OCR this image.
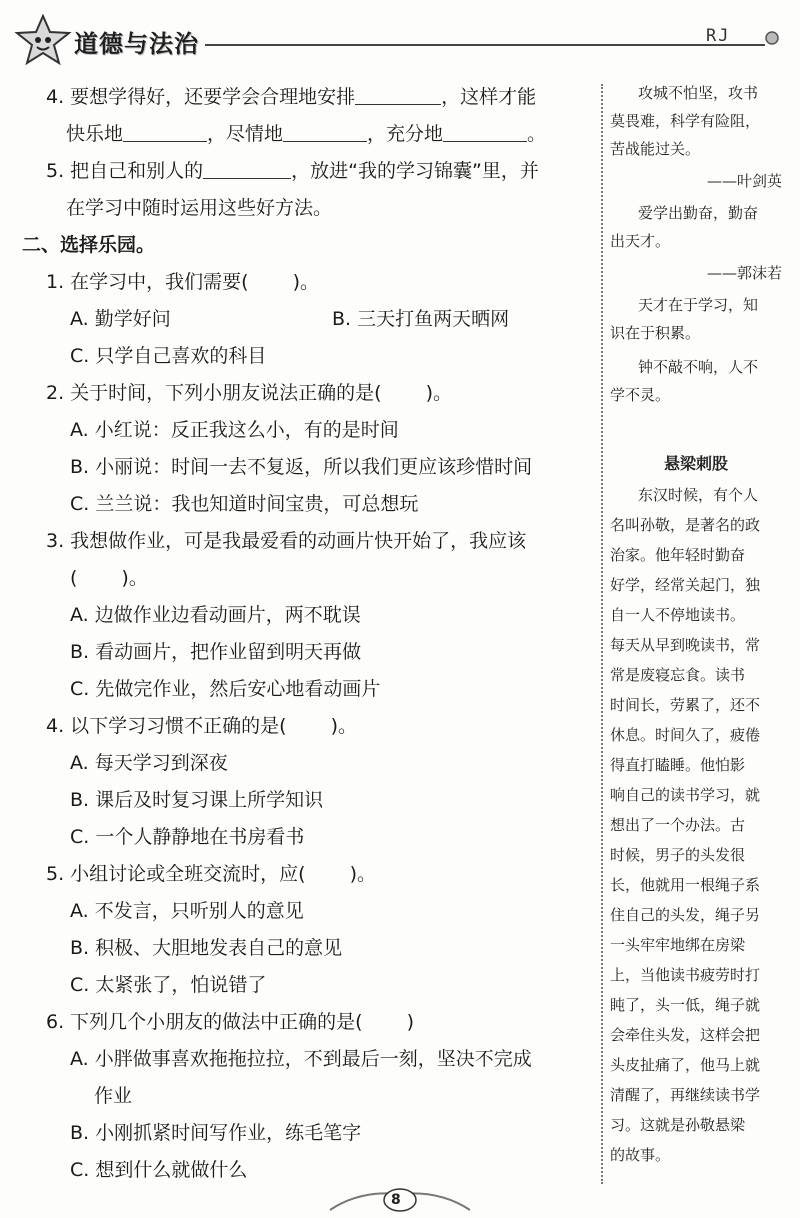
道德与法治	RJ
4. 要想学得好，还要学会合理地安排	，这样才能
快乐地	，尽情地	，充分地	。
5. 把自己和别人的	，放进“我的学习锦囊”里，并
在学习中随时运用这些好方法。
二、选择乐园。
1. 在学习中，我们需要( )。
A. 勤学好问	B. 三天打鱼两天晒网
C. 只学自己喜欢的科目
2. 关于时间，下列小朋友说法正确的是( )。
A. 小红说：反正我这么小，有的是时间
B. 小丽说：时间一去不复返，所以我们更应该珍惜时间
C. 兰兰说：我也知道时间宝贵，可总想玩
3. 我想做作业，可是我最爱看的动画片快开始了，我应该
( )。
A. 边做作业边看动画片，两不耽误
B. 看动画片，把作业留到明天再做
C. 先做完作业，然后安心地看动画片
4. 以下学习习惯不正确的是( )。
A. 每天学习到深夜
B. 课后及时复习课上所学知识
C. 一个人静静地在书房看书
5. 小组讨论或全班交流时，应( )。
A. 不发言，只听别人的意见
B. 积极、大胆地发表自己的意见
C. 太紧张了，怕说错了
6. 下列几个小朋友的做法中正确的是( )
A. 小胖做事喜欢拖拖拉拉，不到最后一刻，坚决不完成
作业
B. 小刚抓紧时间写作业，练毛笔字
C. 想到什么就做什么
攻城不怕坚，攻书
莫畏难，科学有险阻，
苦战能过关。
——叶剑英
爱学出勤奋，勤奋
出天才。
——郭沫若
天才在于学习，知
识在于积累。
钟不敲不响，人不
学不灵。
悬梁刺股
东汉时候，有个人
名叫孙敬，是著名的政
治家。他年轻时勤奋
好学，经常关起门，独
自一人不停地读书。
每天从早到晚读书，常
常是废寝忘食。读书
时间长，劳累了，还不
休息。时间久了，疲倦
得直打瞌睡。他怕影
响自己的读书学习，就
想出了一个办法。古
时候，男子的头发很
长，他就用一根绳子系
住自己的头发，绳子另
一头牢牢地绑在房梁
上，当他读书疲劳时打
盹了，头一低，绳子就
会牵住头发，这样会把
头皮扯痛了，他马上就
清醒了，再继续读书学
习。这就是孙敬悬梁
的故事。
8
